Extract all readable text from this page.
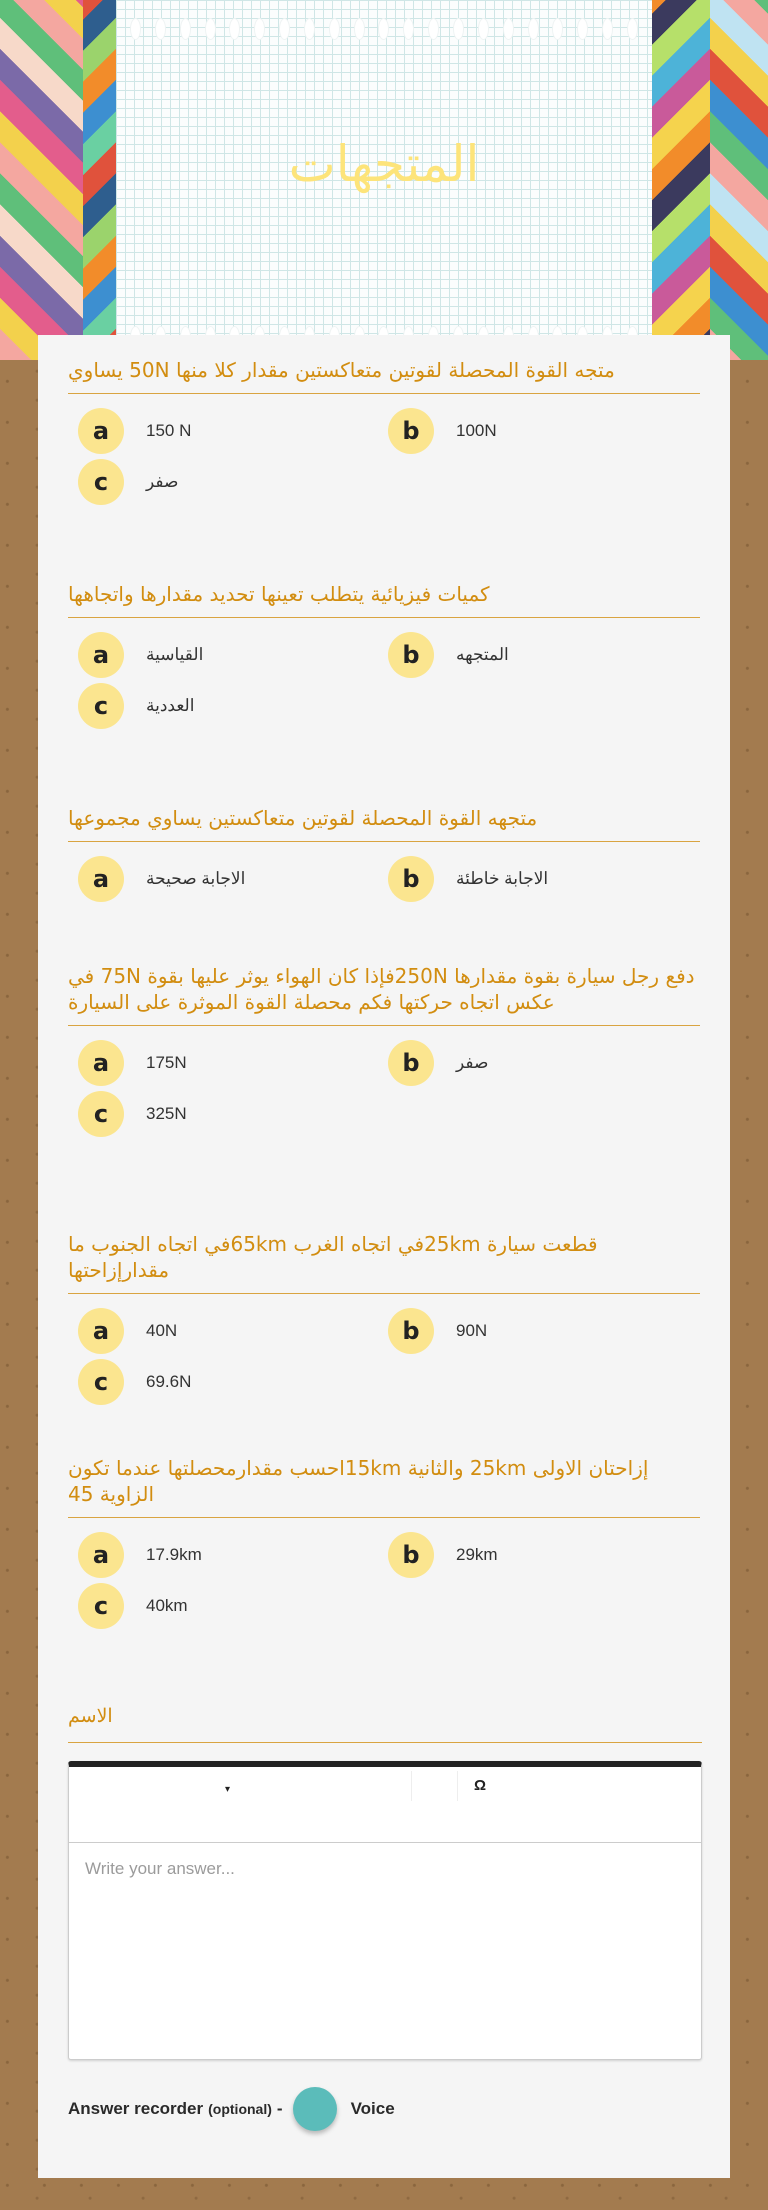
المتجهات
الاسم
▾	Ω
Write your answer...
Answer recorder (optional) -	Voice
متجه القوة المحصلة لقوتين متعاكستين مقدار كلا منها 50N يساوي
a	150 N	b	100N
c	صفر
كميات فيزيائية يتطلب تعينها تحديد مقدارها واتجاهها
a	القياسية	b	المتجهه
c	العددية
متجهه القوة المحصلة لقوتين متعاكستين يساوي مجموعها
a	الاجابة صحيحة	b	الاجابة خاطئة
دفع رجل سيارة بقوة مقدارها 250Nفإذا كان الهواء يوثر عليها بقوة 75N في عكس اتجاه حركتها فكم محصلة القوة الموثرة على السيارة
a	175N	b	صفر
c	325N
قطعت سيارة 25kmفي اتجاه الغرب 65kmفي اتجاه الجنوب ما مقدارإزاحتها
a	40N	b	90N
c	69.6N
إزاحتان الاولى 25km والثانية 15kmاحسب مقدارمحصلتها عندما تكون الزاوية 45
a	17.9km	b	29km
c	40km
